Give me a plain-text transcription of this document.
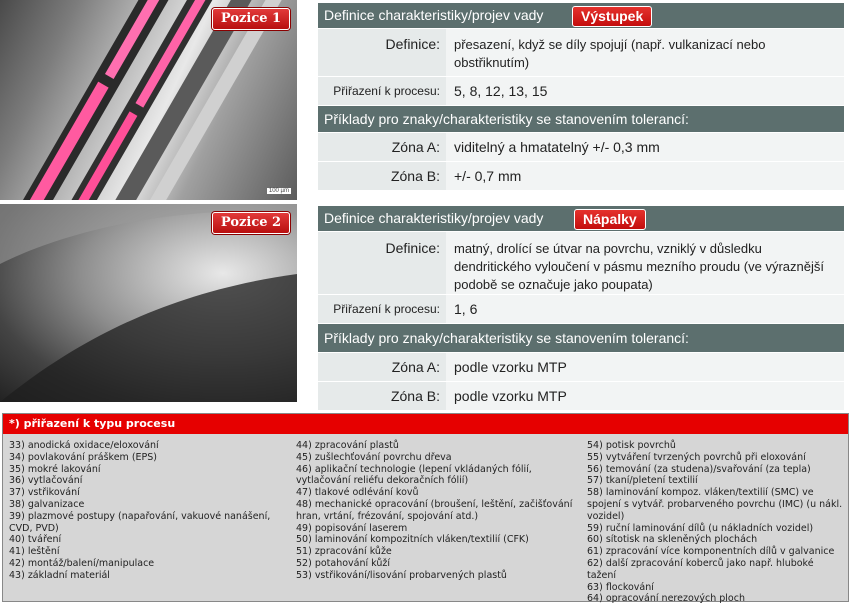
Pozice 1
100 µm
Pozice 2
Definice charakteristiky/projev vady	Výstupek
Definice:	přesazení, když se díly spojují (např. vulkanizací nebo obstřiknutím)
Přiřazení k procesu:	5, 8, 12, 13, 15
Příklady pro znaky/charakteristiky se stanovením tolerancí:
Zóna A:	viditelný a hmatatelný +/- 0,3 mm
Zóna B:	+/- 0,7 mm
Definice charakteristiky/projev vady	Nápalky
Definice:	matný, drolící se útvar na povrchu, vzniklý v důsledku dendritického vyloučení v pásmu mezního proudu (ve výraznější podobě se označuje jako poupata)
Přiřazení k procesu:	1, 6
Příklady pro znaky/charakteristiky se stanovením tolerancí:
Zóna A:	podle vzorku MTP
Zóna B:	podle vzorku MTP
*) přiřazení k typu procesu
33) anodická oxidace/eloxování
34) povlakování práškem (EPS)
35) mokré lakování
36) vytlačování
37) vstřikování
38) galvanizace
39) plazmové postupy (napařování, vakuové nanášení, CVD, PVD)
40) tváření
41) leštění
42) montáž/balení/manipulace
43) základní materiál
44) zpracování plastů
45) zušlechťování povrchu dřeva
46) aplikační technologie (lepení vkládaných fólií, vytlačování reliéfu dekoračních fólií)
47) tlakové odlévání kovů
48) mechanické opracování (broušení, leštění, začišťování hran, vrtání, frézování, spojování atd.)
49) popisování laserem
50) laminování kompozitních vláken/textilií (CFK)
51) zpracování kůže
52) potahování kůží
53) vstřikování/lisování probarvených plastů
54) potisk povrchů
55) vytváření tvrzených povrchů při eloxování
56) temování (za studena)/svařování (za tepla)
57) tkaní/pletení textilií
58) laminování kompoz. vláken/textilií (SMC) ve spojení s vytvář. probarveného povrchu (IMC) (u nákl. vozidel)
59) ruční laminování dílů (u nákladních vozidel)
60) sítotisk na skleněných plochách
61) zpracování více komponentních dílů v galvanice
62) další zpracování koberců jako např. hluboké tažení
63) flockování
64) opracování nerezových ploch
